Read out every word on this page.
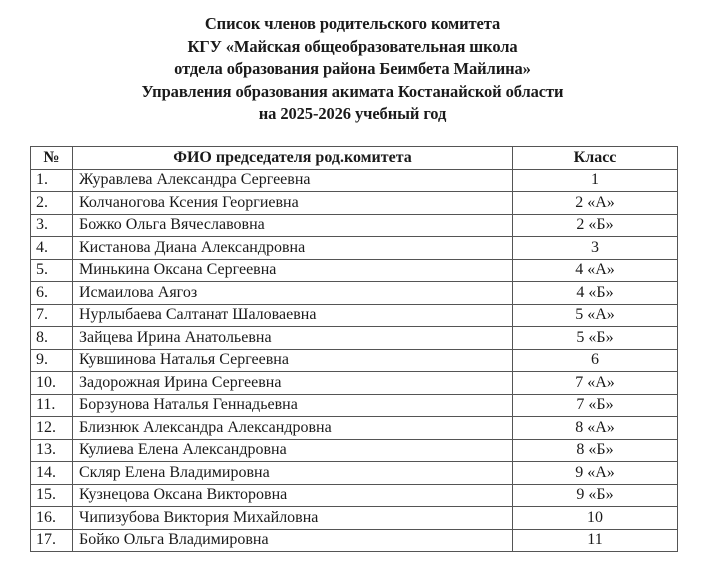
Список членов родительского комитета
КГУ «Майская общеобразовательная школа
отдела образования района Беимбета Майлина»
Управления образования акимата Костанайской области
на 2025-2026 учебный год
№	ФИО председателя род.комитета	Класс
1.	Журавлева Александра Сергеевна	1
2.	Колчаногова Ксения Георгиевна	2 «А»
3.	Божко Ольга Вячеславовна	2 «Б»
4.	Кистанова Диана Александровна	3
5.	Минькина Оксана Сергеевна	4 «А»
6.	Исмаилова Аягоз	4 «Б»
7.	Нурлыбаева Салтанат Шаловаевна	5 «А»
8.	Зайцева Ирина Анатольевна	5 «Б»
9.	Кувшинова Наталья Сергеевна	6
10.	Задорожная Ирина Сергеевна	7 «А»
11.	Борзунова Наталья Геннадьевна	7 «Б»
12.	Близнюк Александра Александровна	8 «А»
13.	Кулиева Елена Александровна	8 «Б»
14.	Скляр Елена Владимировна	9 «А»
15.	Кузнецова Оксана Викторовна	9 «Б»
16.	Чипизубова Виктория Михайловна	10
17.	Бойко Ольга Владимировна	11
